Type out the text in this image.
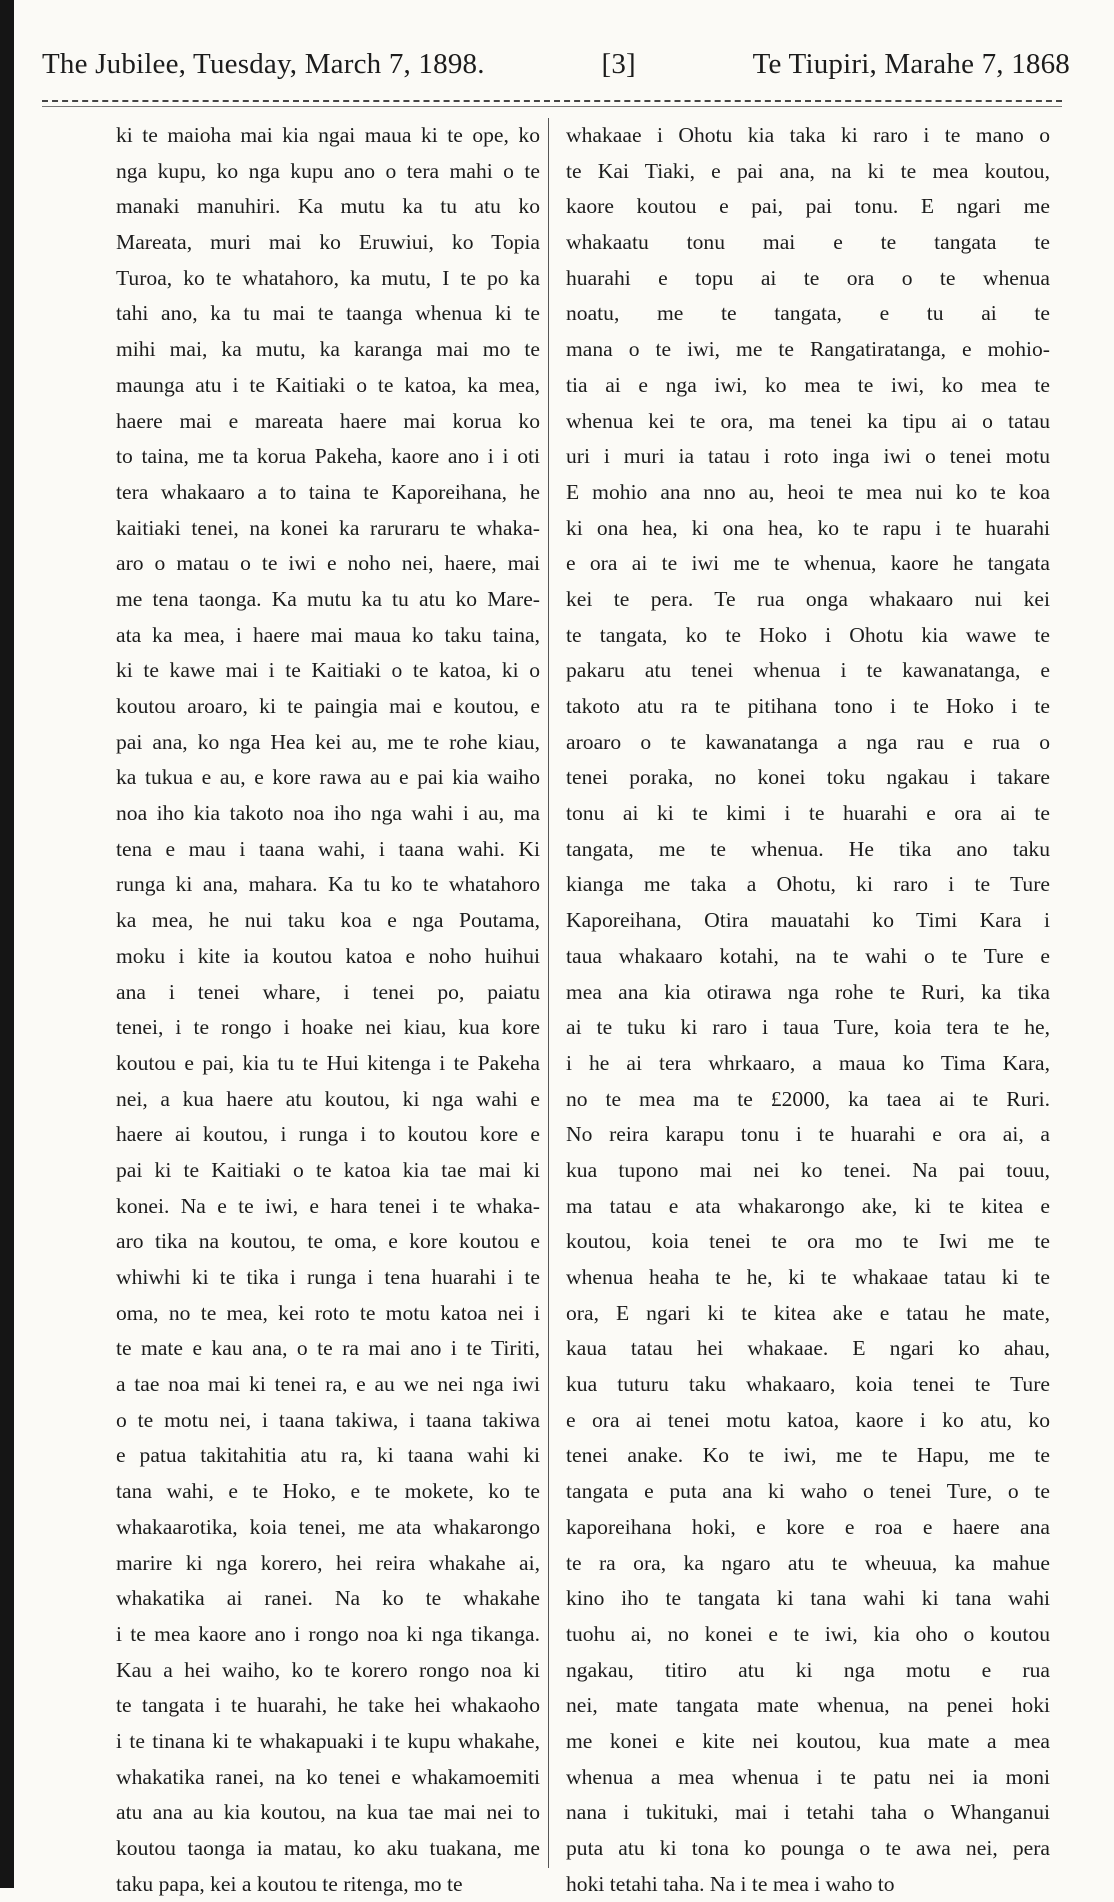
The Jubilee, Tuesday, March 7, 1898.	[3]	Te Tiupiri, Marahe 7, 1868
ki te maioha mai kia ngai maua ki te ope, ko
nga kupu, ko nga kupu ano o tera mahi o te
manaki manuhiri. Ka mutu ka tu atu ko
Mareata, muri mai ko Eruwiui, ko Topia
Turoa, ko te whatahoro, ka mutu, I te po ka
tahi ano, ka tu mai te taanga whenua ki te
mihi mai, ka mutu, ka karanga mai mo te
maunga atu i te Kaitiaki o te katoa, ka mea,
haere mai e mareata haere mai korua ko
to taina, me ta korua Pakeha, kaore ano i i oti
tera whakaaro a to taina te Kaporeihana, he
kaitiaki tenei, na konei ka raruraru te whaka-
aro o matau o te iwi e noho nei, haere, mai
me tena taonga. Ka mutu ka tu atu ko Mare-
ata ka mea, i haere mai maua ko taku taina,
ki te kawe mai i te Kaitiaki o te katoa, ki o
koutou aroaro, ki te paingia mai e koutou, e
pai ana, ko nga Hea kei au, me te rohe kiau,
ka tukua e au, e kore rawa au e pai kia waiho
noa iho kia takoto noa iho nga wahi i au, ma
tena e mau i taana wahi, i taana wahi. Ki
runga ki ana, mahara. Ka tu ko te whatahoro
ka mea, he nui taku koa e nga Poutama,
moku i kite ia koutou katoa e noho huihui
ana i tenei whare, i tenei po, paiatu
tenei, i te rongo i hoake nei kiau, kua kore
koutou e pai, kia tu te Hui kitenga i te Pakeha
nei, a kua haere atu koutou, ki nga wahi e
haere ai koutou, i runga i to koutou kore e
pai ki te Kaitiaki o te katoa kia tae mai ki
konei. Na e te iwi, e hara tenei i te whaka-
aro tika na koutou, te oma, e kore koutou e
whiwhi ki te tika i runga i tena huarahi i te
oma, no te mea, kei roto te motu katoa nei i
te mate e kau ana, o te ra mai ano i te Tiriti,
a tae noa mai ki tenei ra, e au we nei nga iwi
o te motu nei, i taana takiwa, i taana takiwa
e patua takitahitia atu ra, ki taana wahi ki
tana wahi, e te Hoko, e te mokete, ko te
whakaarotika, koia tenei, me ata whakarongo
marire ki nga korero, hei reira whakahe ai,
whakatika ai ranei. Na ko te whakahe
i te mea kaore ano i rongo noa ki nga tikanga.
Kau a hei waiho, ko te korero rongo noa ki
te tangata i te huarahi, he take hei whakaoho
i te tinana ki te whakapuaki i te kupu whakahe,
whakatika ranei, na ko tenei e whakamoemiti
atu ana au kia koutou, na kua tae mai nei to
koutou taonga ia matau, ko aku tuakana, me
taku papa, kei a koutou te ritenga, mo te
whakaae i Ohotu kia taka ki raro i te mano o
te Kai Tiaki, e pai ana, na ki te mea koutou,
kaore koutou e pai, pai tonu. E ngari me
whakaatu tonu mai e te tangata te
huarahi e topu ai te ora o te whenua
noatu, me te tangata, e tu ai te
mana o te iwi, me te Rangatiratanga, e mohio-
tia ai e nga iwi, ko mea te iwi, ko mea te
whenua kei te ora, ma tenei ka tipu ai o tatau
uri i muri ia tatau i roto inga iwi o tenei motu
E mohio ana nno au, heoi te mea nui ko te koa
ki ona hea, ki ona hea, ko te rapu i te huarahi
e ora ai te iwi me te whenua, kaore he tangata
kei te pera. Te rua onga whakaaro nui kei
te tangata, ko te Hoko i Ohotu kia wawe te
pakaru atu tenei whenua i te kawanatanga, e
takoto atu ra te pitihana tono i te Hoko i te
aroaro o te kawanatanga a nga rau e rua o
tenei poraka, no konei toku ngakau i takare
tonu ai ki te kimi i te huarahi e ora ai te
tangata, me te whenua. He tika ano taku
kianga me taka a Ohotu, ki raro i te Ture
Kaporeihana, Otira mauatahi ko Timi Kara i
taua whakaaro kotahi, na te wahi o te Ture e
mea ana kia otirawa nga rohe te Ruri, ka tika
ai te tuku ki raro i taua Ture, koia tera te he,
i he ai tera whrkaaro, a maua ko Tima Kara,
no te mea ma te £2000, ka taea ai te Ruri.
No reira karapu tonu i te huarahi e ora ai, a
kua tupono mai nei ko tenei. Na pai touu,
ma tatau e ata whakarongo ake, ki te kitea e
koutou, koia tenei te ora mo te Iwi me te
whenua heaha te he, ki te whakaae tatau ki te
ora, E ngari ki te kitea ake e tatau he mate,
kaua tatau hei whakaae. E ngari ko ahau,
kua tuturu taku whakaaro, koia tenei te Ture
e ora ai tenei motu katoa, kaore i ko atu, ko
tenei anake. Ko te iwi, me te Hapu, me te
tangata e puta ana ki waho o tenei Ture, o te
kaporeihana hoki, e kore e roa e haere ana
te ra ora, ka ngaro atu te wheuua, ka mahue
kino iho te tangata ki tana wahi ki tana wahi
tuohu ai, no konei e te iwi, kia oho o koutou
ngakau, titiro atu ki nga motu e rua
nei, mate tangata mate whenua, na penei hoki
me konei e kite nei koutou, kua mate a mea
whenua a mea whenua i te patu nei ia moni
nana i tukituki, mai i tetahi taha o Whanganui
puta atu ki tona ko pounga o te awa nei, pera
hoki tetahi taha. Na i te mea i waho to
